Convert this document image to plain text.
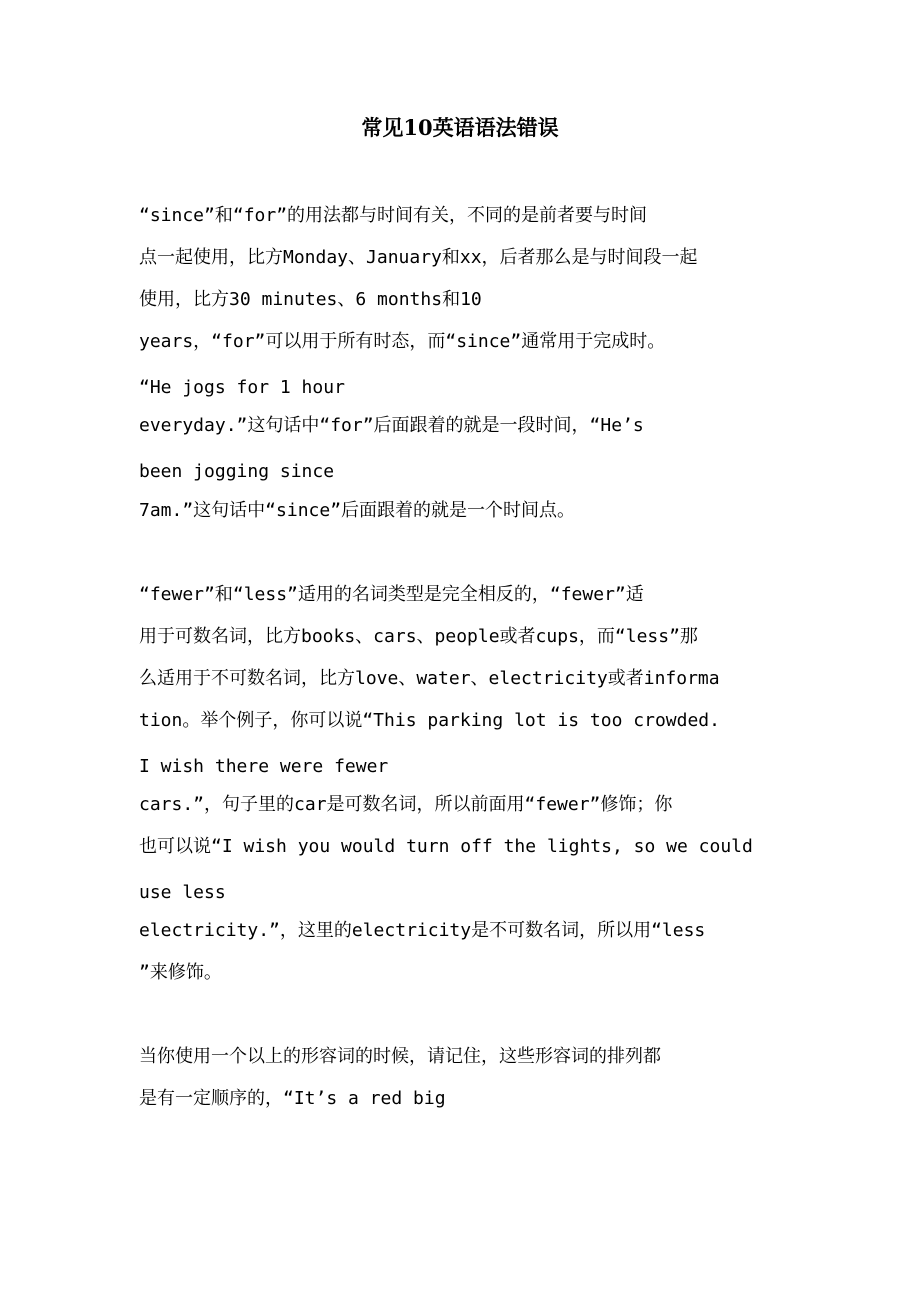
常见10英语语法错误
“since”和“for”的用法都与时间有关，不同的是前者要与时间
点一起使用，比方Monday、January和xx，后者那么是与时间段一起
使用，比方30 minutes、6 months和10
years，“for”可以用于所有时态，而“since”通常用于完成时。
“He jogs for 1 hour
everyday.”这句话中“for”后面跟着的就是一段时间，“He’s
been jogging since
7am.”这句话中“since”后面跟着的就是一个时间点。
“fewer”和“less”适用的名词类型是完全相反的，“fewer”适
用于可数名词，比方books、cars、people或者cups，而“less”那
么适用于不可数名词，比方love、water、electricity或者informa
tion。举个例子，你可以说“This parking lot is too crowded.
I wish there were fewer
cars.”，句子里的car是可数名词，所以前面用“fewer”修饰；你
也可以说“I wish you would turn off the lights, so we could
use less
electricity.”，这里的electricity是不可数名词，所以用“less
”来修饰。
当你使用一个以上的形容词的时候，请记住，这些形容词的排列都
是有一定顺序的，“It’s a red big
